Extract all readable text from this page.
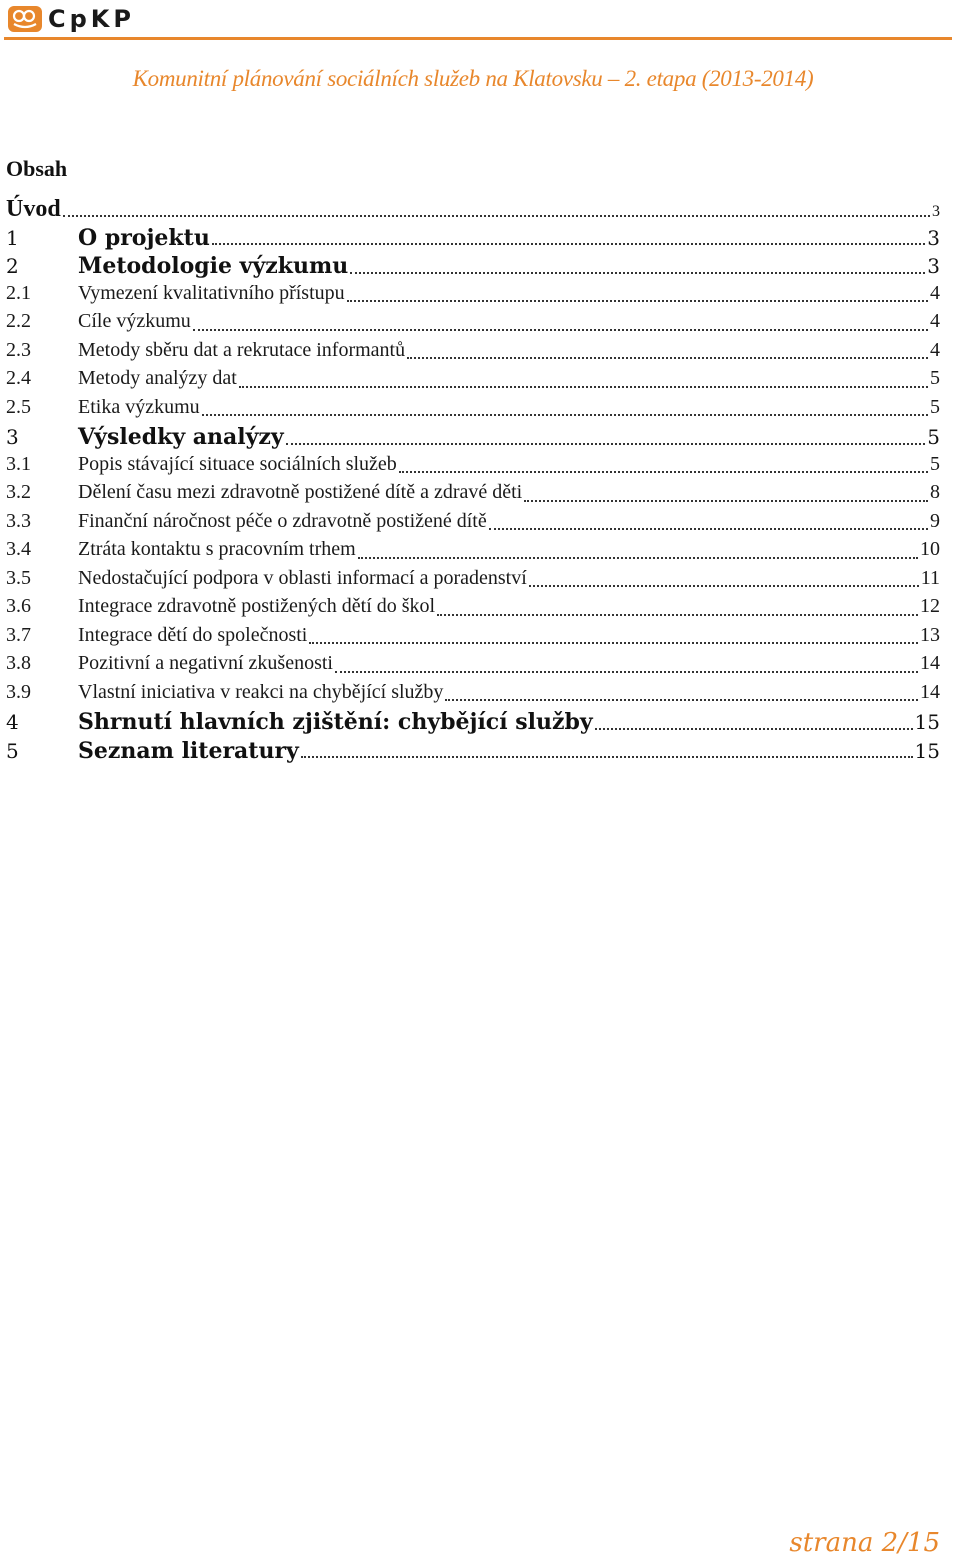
CpKP
Komunitní plánování sociálních služeb na Klatovsku – 2. etapa (2013-2014)
Obsah
Úvod	3
1	O projektu	3
2	Metodologie výzkumu	3
2.1	Vymezení kvalitativního přístupu	4
2.2	Cíle výzkumu	4
2.3	Metody sběru dat a rekrutace informantů	4
2.4	Metody analýzy dat	5
2.5	Etika výzkumu	5
3	Výsledky analýzy	5
3.1	Popis stávající situace sociálních služeb	5
3.2	Dělení času mezi zdravotně postižené dítě a zdravé děti	8
3.3	Finanční náročnost péče o zdravotně postižené dítě	9
3.4	Ztráta kontaktu s pracovním trhem	10
3.5	Nedostačující podpora v oblasti informací a poradenství	11
3.6	Integrace zdravotně postižených dětí do škol	12
3.7	Integrace dětí do společnosti	13
3.8	Pozitivní a negativní zkušenosti	14
3.9	Vlastní iniciativa v reakci na chybějící služby	14
4	Shrnutí hlavních zjištění: chybějící služby	15
5	Seznam literatury	15
strana 2/15
